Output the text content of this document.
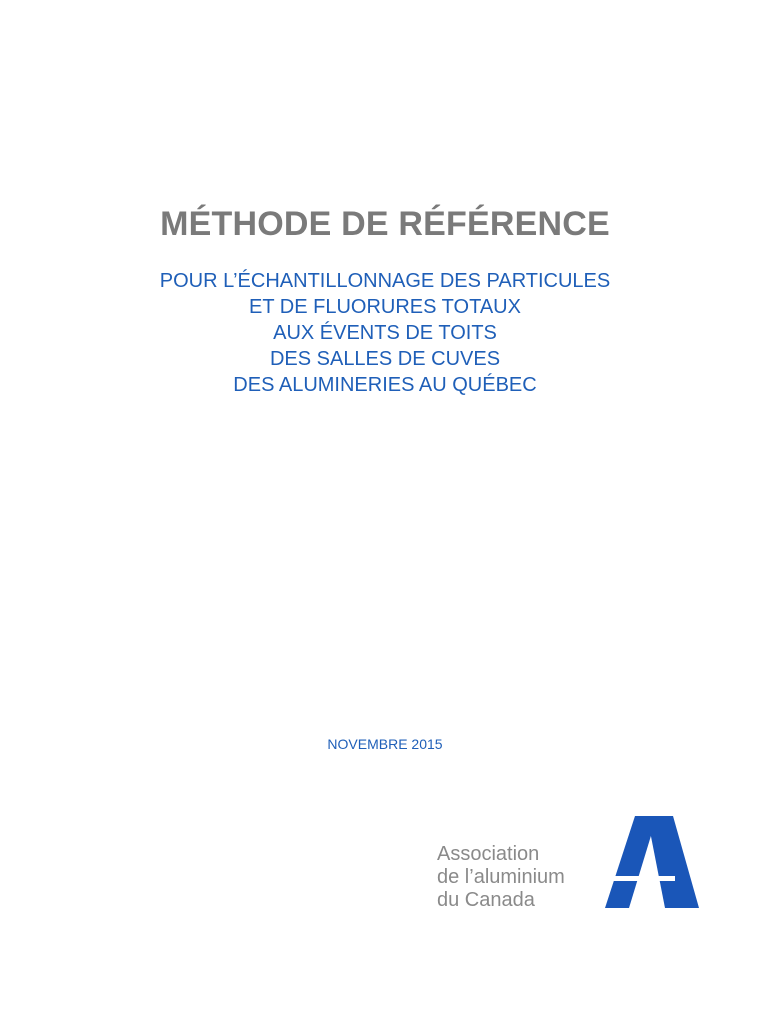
MÉTHODE DE RÉFÉRENCE
POUR L’ÉCHANTILLONNAGE DES PARTICULES
ET DE FLUORURES TOTAUX
AUX ÉVENTS DE TOITS
DES SALLES DE CUVES
DES ALUMINERIES AU QUÉBEC
NOVEMBRE 2015
Association
de l’aluminium
du Canada
